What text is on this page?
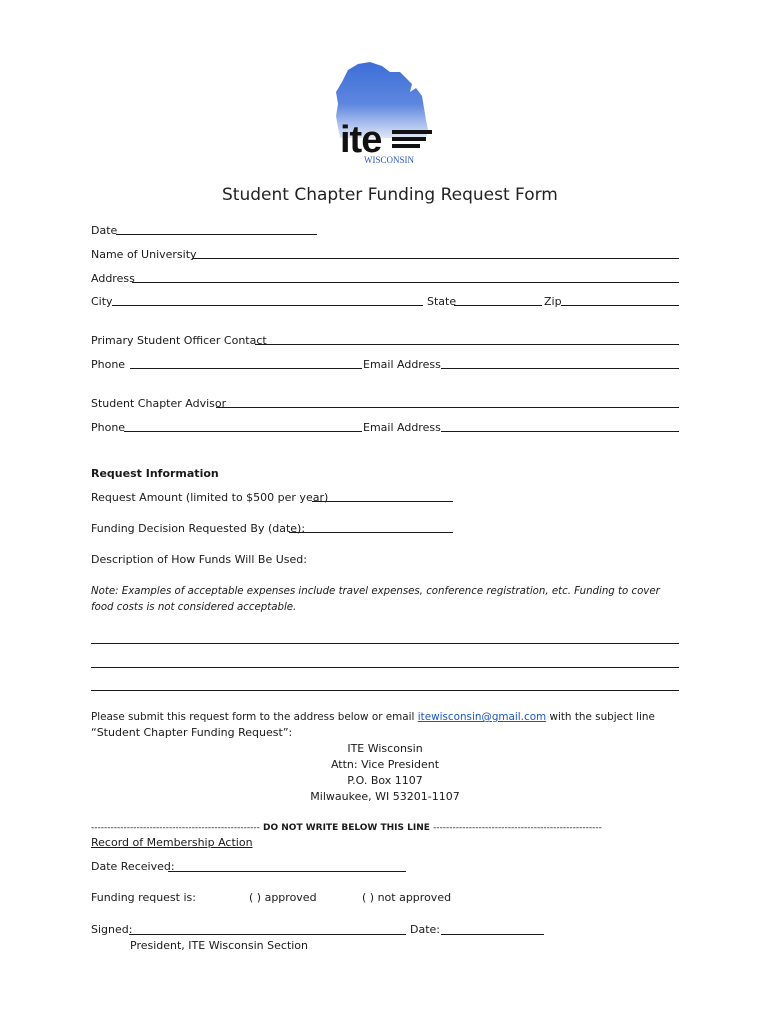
ite
WISCONSIN
Student Chapter Funding Request Form
Date
Name of University
Address
City	State	Zip
Primary Student Officer Contact
Phone	Email Address
Student Chapter Advisor
Phone	Email Address
Request Information
Request Amount (limited to $500 per year)
Funding Decision Requested By (date):
Description of How Funds Will Be Used:
Note: Examples of acceptable expenses include travel expenses, conference registration, etc. Funding to cover
food costs is not considered acceptable.
Please submit this request form to the address below or email itewisconsin@gmail.com with the subject line
“Student Chapter Funding Request”:
ITE Wisconsin
Attn: Vice President
P.O. Box 1107
Milwaukee, WI 53201-1107
---------------------------------------------------- DO NOT WRITE BELOW THIS LINE ----------------------------------------------------
Record of Membership Action
Date Received:
Funding request is:	( ) approved	( ) not approved
Signed:	Date:
President, ITE Wisconsin Section
